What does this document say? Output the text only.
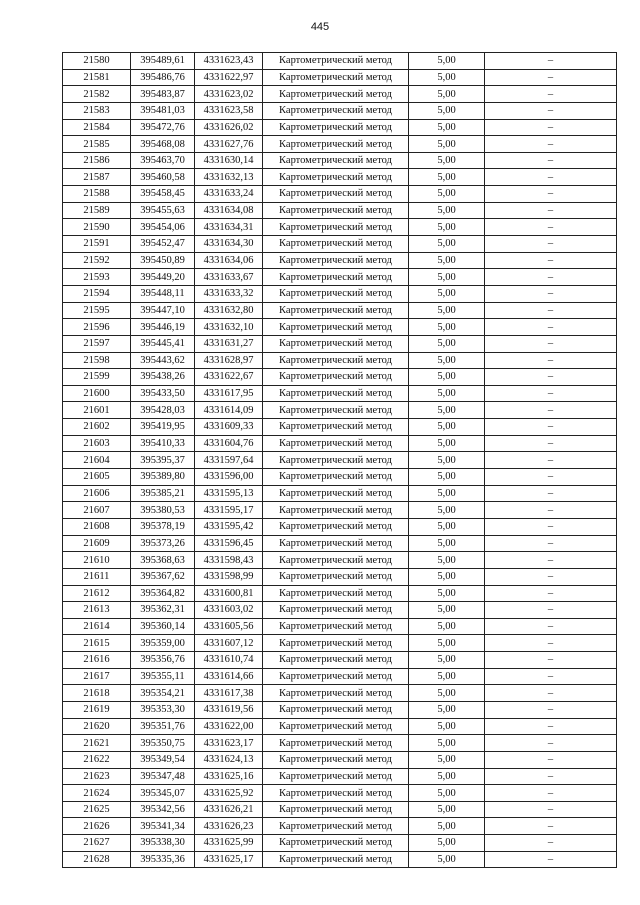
445
21580	395489,61	4331623,43	Картометрический метод	5,00	–
21581	395486,76	4331622,97	Картометрический метод	5,00	–
21582	395483,87	4331623,02	Картометрический метод	5,00	–
21583	395481,03	4331623,58	Картометрический метод	5,00	–
21584	395472,76	4331626,02	Картометрический метод	5,00	–
21585	395468,08	4331627,76	Картометрический метод	5,00	–
21586	395463,70	4331630,14	Картометрический метод	5,00	–
21587	395460,58	4331632,13	Картометрический метод	5,00	–
21588	395458,45	4331633,24	Картометрический метод	5,00	–
21589	395455,63	4331634,08	Картометрический метод	5,00	–
21590	395454,06	4331634,31	Картометрический метод	5,00	–
21591	395452,47	4331634,30	Картометрический метод	5,00	–
21592	395450,89	4331634,06	Картометрический метод	5,00	–
21593	395449,20	4331633,67	Картометрический метод	5,00	–
21594	395448,11	4331633,32	Картометрический метод	5,00	–
21595	395447,10	4331632,80	Картометрический метод	5,00	–
21596	395446,19	4331632,10	Картометрический метод	5,00	–
21597	395445,41	4331631,27	Картометрический метод	5,00	–
21598	395443,62	4331628,97	Картометрический метод	5,00	–
21599	395438,26	4331622,67	Картометрический метод	5,00	–
21600	395433,50	4331617,95	Картометрический метод	5,00	–
21601	395428,03	4331614,09	Картометрический метод	5,00	–
21602	395419,95	4331609,33	Картометрический метод	5,00	–
21603	395410,33	4331604,76	Картометрический метод	5,00	–
21604	395395,37	4331597,64	Картометрический метод	5,00	–
21605	395389,80	4331596,00	Картометрический метод	5,00	–
21606	395385,21	4331595,13	Картометрический метод	5,00	–
21607	395380,53	4331595,17	Картометрический метод	5,00	–
21608	395378,19	4331595,42	Картометрический метод	5,00	–
21609	395373,26	4331596,45	Картометрический метод	5,00	–
21610	395368,63	4331598,43	Картометрический метод	5,00	–
21611	395367,62	4331598,99	Картометрический метод	5,00	–
21612	395364,82	4331600,81	Картометрический метод	5,00	–
21613	395362,31	4331603,02	Картометрический метод	5,00	–
21614	395360,14	4331605,56	Картометрический метод	5,00	–
21615	395359,00	4331607,12	Картометрический метод	5,00	–
21616	395356,76	4331610,74	Картометрический метод	5,00	–
21617	395355,11	4331614,66	Картометрический метод	5,00	–
21618	395354,21	4331617,38	Картометрический метод	5,00	–
21619	395353,30	4331619,56	Картометрический метод	5,00	–
21620	395351,76	4331622,00	Картометрический метод	5,00	–
21621	395350,75	4331623,17	Картометрический метод	5,00	–
21622	395349,54	4331624,13	Картометрический метод	5,00	–
21623	395347,48	4331625,16	Картометрический метод	5,00	–
21624	395345,07	4331625,92	Картометрический метод	5,00	–
21625	395342,56	4331626,21	Картометрический метод	5,00	–
21626	395341,34	4331626,23	Картометрический метод	5,00	–
21627	395338,30	4331625,99	Картометрический метод	5,00	–
21628	395335,36	4331625,17	Картометрический метод	5,00	–
